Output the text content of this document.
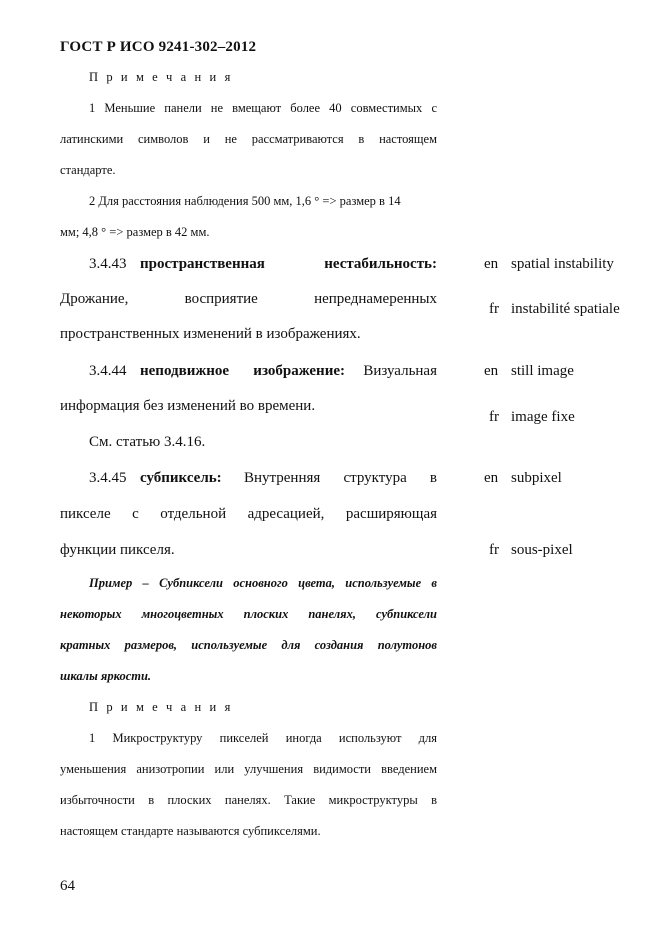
ГОСТ Р ИСО 9241-302–2012
П р и м е ч а н и я
1 Меньшие панели не вмещают более 40 совместимых с
латинскими символов и не рассматриваются в настоящем
стандарте.
2 Для расстояния наблюдения 500 мм, 1,6 ° => размер в 14
мм; 4,8 ° => размер в 42 мм.
3.4.43 пространственная нестабильность:
Дрожание, восприятие непреднамеренных
пространственных изменений в изображениях.
en spatial instability
fr instabilité spatiale
3.4.44 неподвижное изображение: Визуальная
информация без изменений во времени.
См. статью 3.4.16.
en still image
fr image fixe
3.4.45 субпиксель: Внутренняя структура в
пикселе с отдельной адресацией, расширяющая
функции пикселя.
en subpixel
fr sous-pixel
Пример – Субпиксели основного цвета, используемые в
некоторых многоцветных плоских панелях, субпиксели
кратных размеров, используемые для создания полутонов
шкалы яркости.
П р и м е ч а н и я
1 Микроструктуру пикселей иногда используют для
уменьшения анизотропии или улучшения видимости введением
избыточности в плоских панелях. Такие микроструктуры в
настоящем стандарте называются субпикселями.
64
